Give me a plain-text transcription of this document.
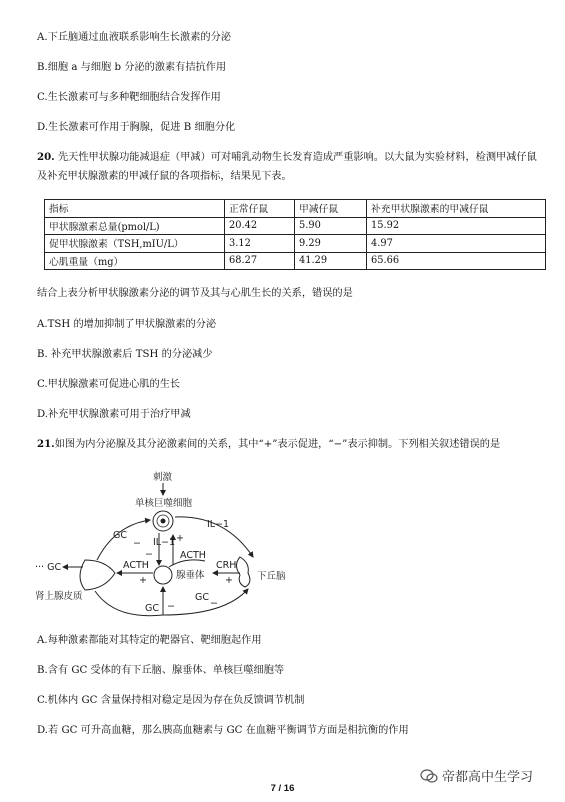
A.下丘脑通过血液联系影响生长激素的分泌
B.细胞 a 与细胞 b 分泌的激素有拮抗作用
C.生长激素可与多种靶细胞结合发挥作用
D.生长激素可作用于胸腺，促进 B 细胞分化
20. 先天性甲状腺功能减退症（甲减）可对哺乳动物生长发育造成严重影响。以大鼠为实验材料，检测甲减仔鼠
及补充甲状腺激素的甲减仔鼠的各项指标，结果见下表。
指标	正常仔鼠	甲减仔鼠	补充甲状腺激素的甲减仔鼠
甲状腺激素总量(pmol/L)	20.42	5.90	15.92
促甲状腺激素（TSH,mIU/L）	3.12	9.29	4.97
心肌重量（mg）	68.27	41.29	65.66
结合上表分析甲状腺激素分泌的调节及其与心肌生长的关系，错误的是
A.TSH 的增加抑制了甲状腺激素的分泌
B. 补充甲状腺激素后 TSH 的分泌减少
C.甲状腺激素可促进心肌的生长
D.补充甲状腺激素可用于治疗甲减
21.如图为内分泌腺及其分泌激素间的关系，其中“+”表示促进，“−”表示抑制。下列相关叙述错误的是
刺激
单核巨噬细胞
IL−1
IL−1
ACTH
+
−
GC
−
··· GC
肾上腺皮质
ACTH
+	腺垂体
CRH
+	下丘脑
GC −
GC
−
A.每种激素都能对其特定的靶器官、靶细胞起作用
B.含有 GC 受体的有下丘脑、腺垂体、单核巨噬细胞等
C.机体内 GC 含量保持相对稳定是因为存在负反馈调节机制
D.若 GC 可升高血糖，那么胰高血糖素与 GC 在血糖平衡调节方面是相抗衡的作用
帝都高中生学习
7 / 16
